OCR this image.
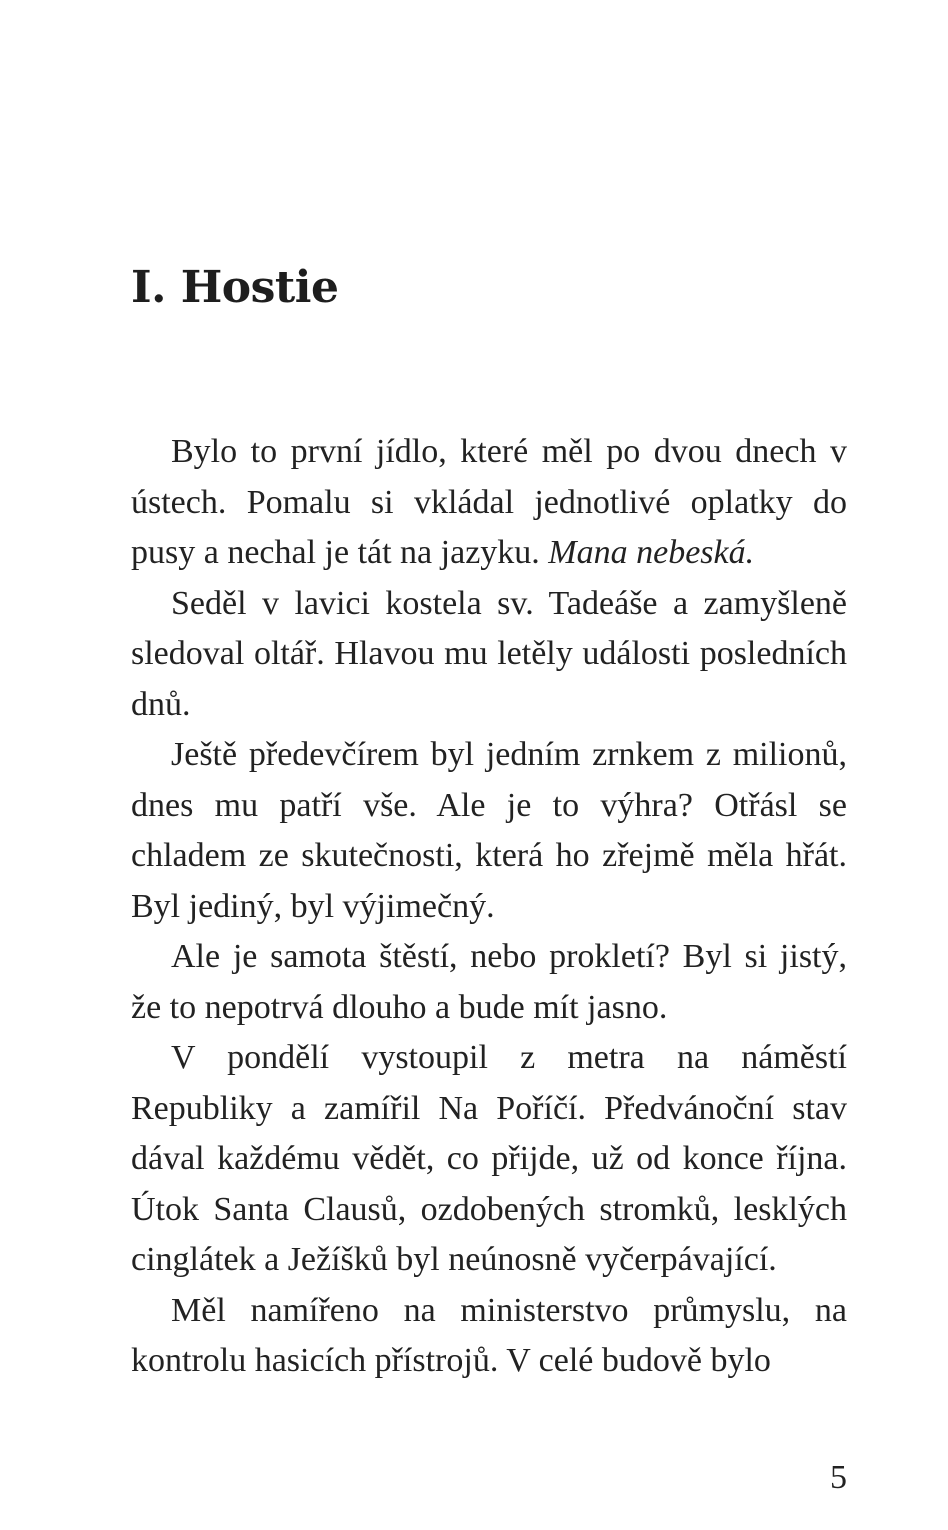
I. Hostie

Bylo to první jídlo, které měl po dvou dnech v ústech. Pomalu si vkládal jednotlivé oplatky do pusy a nechal je tát na jazyku. Mana nebeská.

Seděl v lavici kostela sv. Tadeáše a zamyšleně sledoval oltář. Hlavou mu letěly události posledních dnů.

Ještě předevčírem byl jedním zrnkem z milionů, dnes mu patří vše. Ale je to výhra? Otřásl se chladem ze skutečnosti, která ho zřejmě měla hřát. Byl jediný, byl výjimečný.

Ale je samota štěstí, nebo prokletí? Byl si jistý, že to nepotrvá dlouho a bude mít jasno.

V pondělí vystoupil z metra na náměstí Republiky a zamířil Na Poříčí. Předvánoční stav dával každému vědět, co přijde, už od konce října. Útok Santa Clausů, ozdobených stromků, lesklých cinglátek a Ježíšků byl neúnosně vyčerpávající.

Měl namířeno na ministerstvo průmyslu, na kontrolu hasicích přístrojů. V celé budově bylo

5
